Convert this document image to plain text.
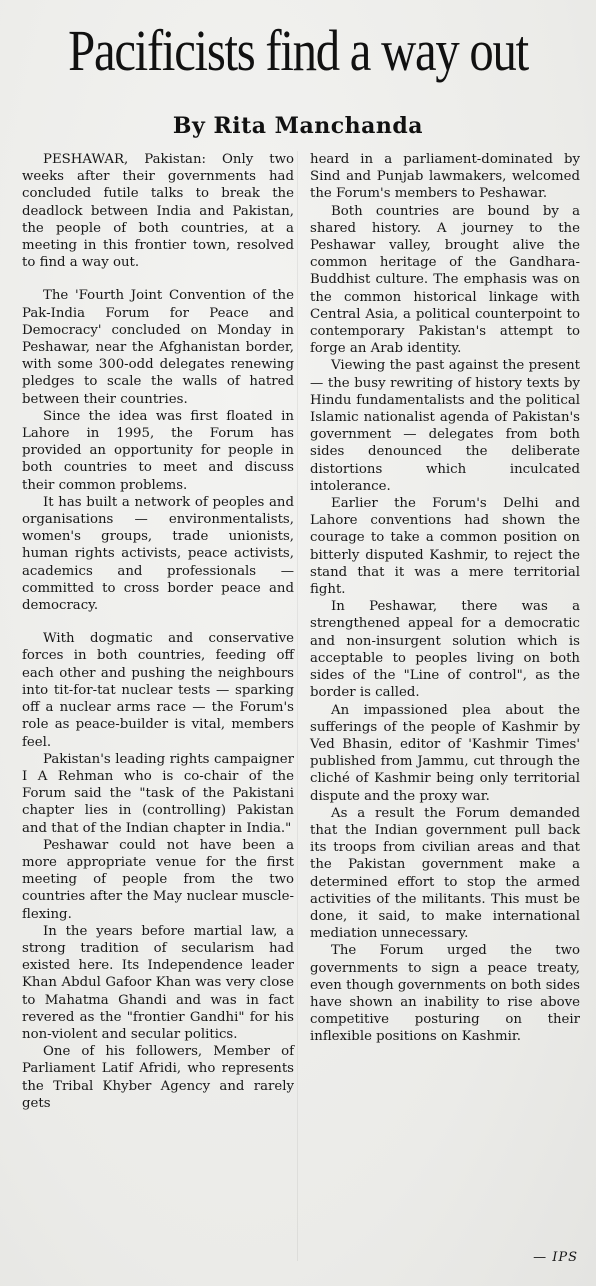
Pacificists find a way out
By Rita Manchanda

PESHAWAR, Pakistan: Only two weeks after their governments had concluded futile talks to break the deadlock between India and Pakistan, the people of both countries, at a meeting in this frontier town, resolved to find a way out.

The 'Fourth Joint Convention of the Pak-India Forum for Peace and Democracy' concluded on Monday in Peshawar, near the Afghanistan border, with some 300-odd delegates renewing pledges to scale the walls of hatred between their countries.

Since the idea was first floated in Lahore in 1995, the Forum has provided an opportunity for people in both countries to meet and discuss their common problems.

It has built a network of peoples and organisations — environmentalists, women's groups, trade unionists, human rights activists, peace activists, academics and professionals — committed to cross border peace and democracy.

With dogmatic and conservative forces in both countries, feeding off each other and pushing the neighbours into tit-for-tat nuclear tests — sparking off a nuclear arms race — the Forum's role as peace-builder is vital, members feel.

Pakistan's leading rights campaigner I A Rehman who is co-chair of the Forum said the "task of the Pakistani chapter lies in (controlling) Pakistan and that of the Indian chapter in India."

Peshawar could not have been a more appropriate venue for the first meeting of people from the two countries after the May nuclear muscle-flexing.

In the years before martial law, a strong tradition of secularism had existed here. Its Independence leader Khan Abdul Gafoor Khan was very close to Mahatma Ghandi and was in fact revered as the "frontier Gandhi" for his non-violent and secular politics.

One of his followers, Member of Parliament Latif Afridi, who represents the Tribal Khyber Agency and rarely gets

heard in a parliament-dominated by Sind and Punjab lawmakers, welcomed the Forum's members to Peshawar.

Both countries are bound by a shared history. A journey to the Peshawar valley, brought alive the common heritage of the Gandhara-Buddhist culture. The emphasis was on the common historical linkage with Central Asia, a political counterpoint to contemporary Pakistan's attempt to forge an Arab identity.

Viewing the past against the present — the busy rewriting of history texts by Hindu fundamentalists and the political Islamic nationalist agenda of Pakistan's government — delegates from both sides denounced the deliberate distortions which inculcated intolerance.

Earlier the Forum's Delhi and Lahore conventions had shown the courage to take a common position on bitterly disputed Kashmir, to reject the stand that it was a mere territorial fight.

In Peshawar, there was a strengthened appeal for a democratic and non-insurgent solution which is acceptable to peoples living on both sides of the "Line of control", as the border is called.

An impassioned plea about the sufferings of the people of Kashmir by Ved Bhasin, editor of 'Kashmir Times' published from Jammu, cut through the cliché of Kashmir being only territorial dispute and the proxy war.

As a result the Forum demanded that the Indian government pull back its troops from civilian areas and that the Pakistan government make a determined effort to stop the armed activities of the militants. This must be done, it said, to make international mediation unnecessary.

The Forum urged the two governments to sign a peace treaty, even though governments on both sides have shown an inability to rise above competitive posturing on their inflexible positions on Kashmir.

— IPS
